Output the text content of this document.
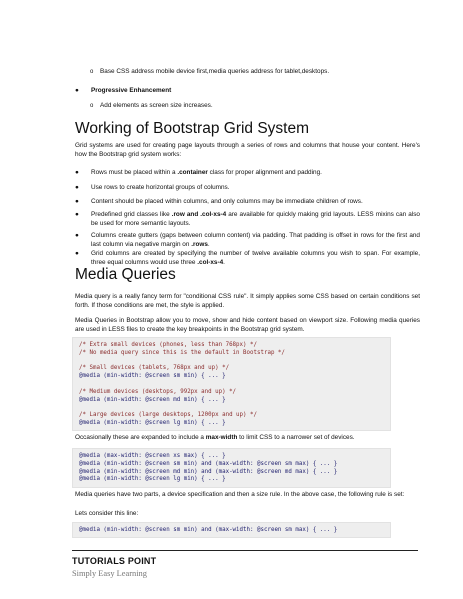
o Base CSS address mobile device first,media queries address for tablet,desktops.
● Progressive Enhancement
o Add elements as screen size increases.
Working of Bootstrap Grid System
Grid systems are used for creating page layouts through a series of rows and columns that house your content. Here's how the Bootstrap grid system works:
● Rows must be placed within a .container class for proper alignment and padding.
● Use rows to create horizontal groups of columns.
● Content should be placed within columns, and only columns may be immediate children of rows.
● Predefined grid classes like .row and .col-xs-4 are available for quickly making grid layouts. LESS mixins can also be used for more semantic layouts.
● Columns create gutters (gaps between column content) via padding. That padding is offset in rows for the first and last column via negative margin on .rows.
● Grid columns are created by specifying the number of twelve available columns you wish to span. For example, three equal columns would use three .col-xs-4.
Media Queries
Media query is a really fancy term for "conditional CSS rule". It simply applies some CSS based on certain conditions set forth. If those conditions are met, the style is applied.
Media Queries in Bootstrap allow you to move, show and hide content based on viewport size. Following media queries are used in LESS files to create the key breakpoints in the Bootstrap grid system.
/* Extra small devices (phones, less than 768px) */
/* No media query since this is the default in Bootstrap */

/* Small devices (tablets, 768px and up) */
@media (min-width: @screen sm min) { ... }

/* Medium devices (desktops, 992px and up) */
@media (min-width: @screen md min) { ... }

/* Large devices (large desktops, 1200px and up) */
@media (min-width: @screen lg min) { ... }
Occasionally these are expanded to include a max-width to limit CSS to a narrower set of devices.
@media (max-width: @screen xs max) { ... }
@media (min-width: @screen sm min) and (max-width: @screen sm max) { ... }
@media (min-width: @screen md min) and (max-width: @screen md max) { ... }
@media (min-width: @screen lg min) { ... }
Media queries have two parts, a device specification and then a size rule. In the above case, the following rule is set:
Lets consider this line:
@media (min-width: @screen sm min) and (max-width: @screen sm max) { ... }
TUTORIALS POINT
Simply Easy Learning
